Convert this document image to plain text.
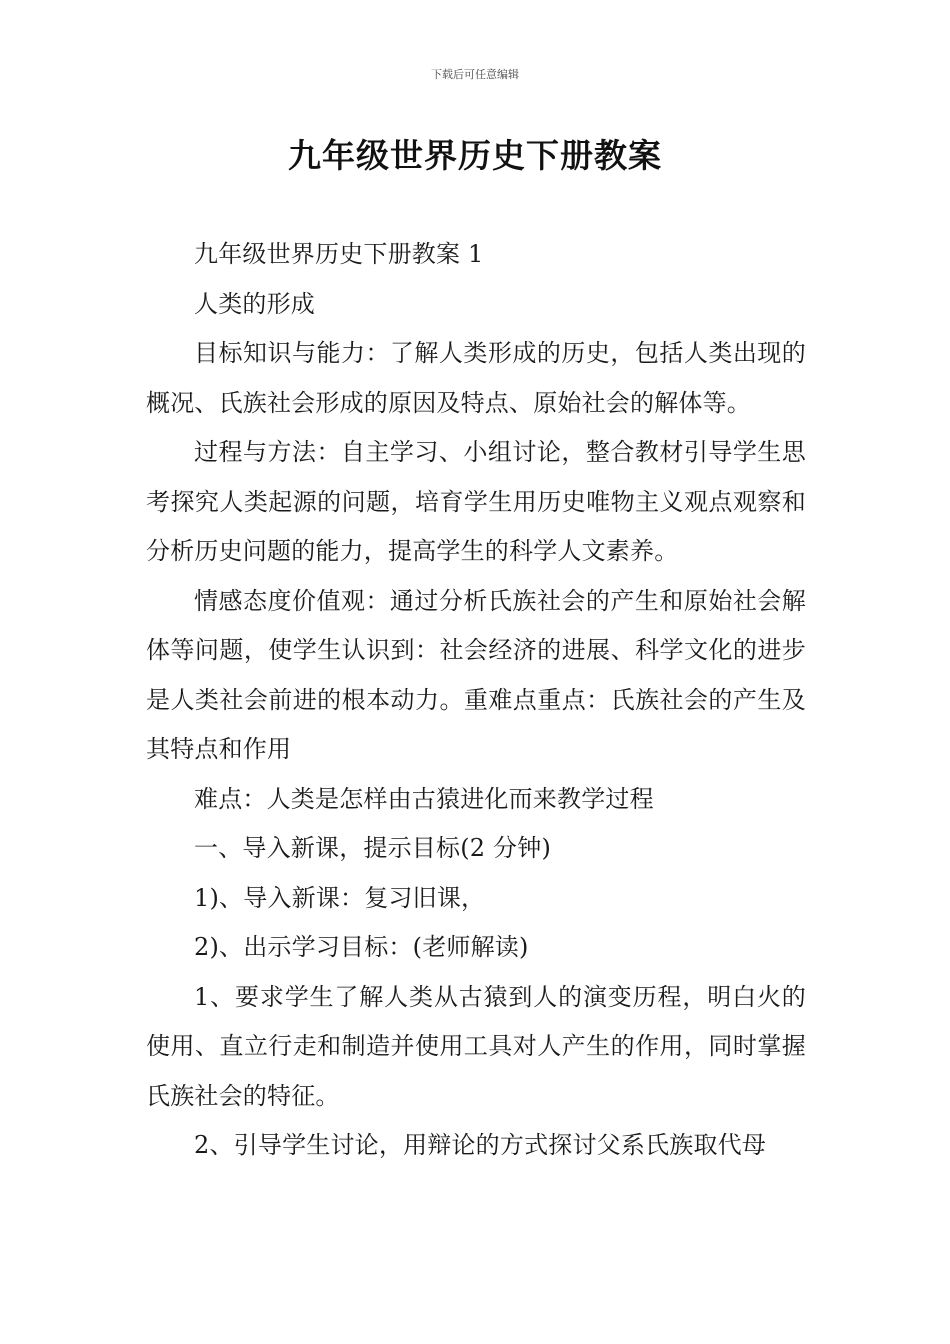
下载后可任意编辑
九年级世界历史下册教案

九年级世界历史下册教案 1

人类的形成

目标知识与能力：了解人类形成的历史，包括人类出现的概况、氏族社会形成的原因及特点、原始社会的解体等。

过程与方法：自主学习、小组讨论，整合教材引导学生思考探究人类起源的问题，培育学生用历史唯物主义观点观察和分析历史问题的能力，提高学生的科学人文素养。

情感态度价值观：通过分析氏族社会的产生和原始社会解体等问题，使学生认识到：社会经济的进展、科学文化的进步是人类社会前进的根本动力。重难点重点：氏族社会的产生及其特点和作用

难点：人类是怎样由古猿进化而来教学过程

一、导入新课，提示目标(2 分钟)

1)、导入新课：复习旧课，

2)、出示学习目标：(老师解读)

1、要求学生了解人类从古猿到人的演变历程，明白火的使用、直立行走和制造并使用工具对人产生的作用，同时掌握氏族社会的特征。

2、引导学生讨论，用辩论的方式探讨父系氏族取代母
